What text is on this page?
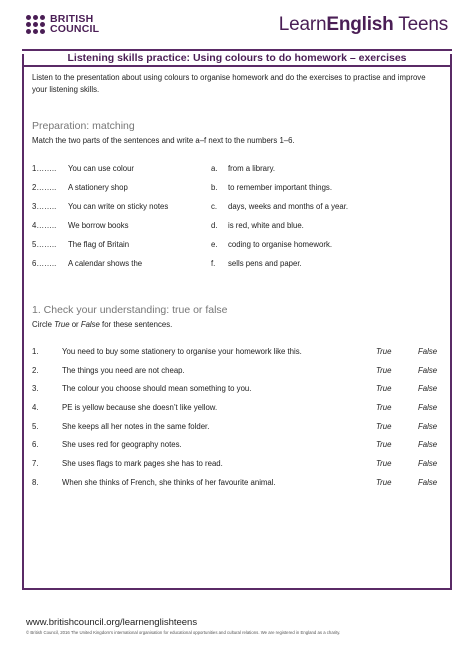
BRITISH
COUNCIL	LearnEnglish Teens
Listening skills practice: Using colours to do homework – exercises

Listen to the presentation about using colours to organise homework and do the exercises to practise and improve your listening skills.

Preparation: matching
Match the two parts of the sentences and write a–f next to the numbers 1–6.
1……..	You can use colour	a.	from a library.
2……..	A stationery shop	b.	to remember important things.
3……..	You can write on sticky notes	c.	days, weeks and months of a year.
4……..	We borrow books	d.	is red, white and blue.
5……..	The flag of Britain	e.	coding to organise homework.
6……..	A calendar shows the	f.	sells pens and paper.
1. Check your understanding: true or false
Circle True or False for these sentences.
1.	You need to buy some stationery to organise your homework like this.	True	False
2.	The things you need are not cheap.	True	False
3.	The colour you choose should mean something to you.	True	False
4.	PE is yellow because she doesn’t like yellow.	True	False
5.	She keeps all her notes in the same folder.	True	False
6.	She uses red for geography notes.	True	False
7.	She uses flags to mark pages she has to read.	True	False
8.	When she thinks of French, she thinks of her favourite animal.	True	False
www.britishcouncil.org/learnenglishteens
© British Council, 2016 The United Kingdom’s international organisation for educational opportunities and cultural relations. We are registered in England as a charity.
